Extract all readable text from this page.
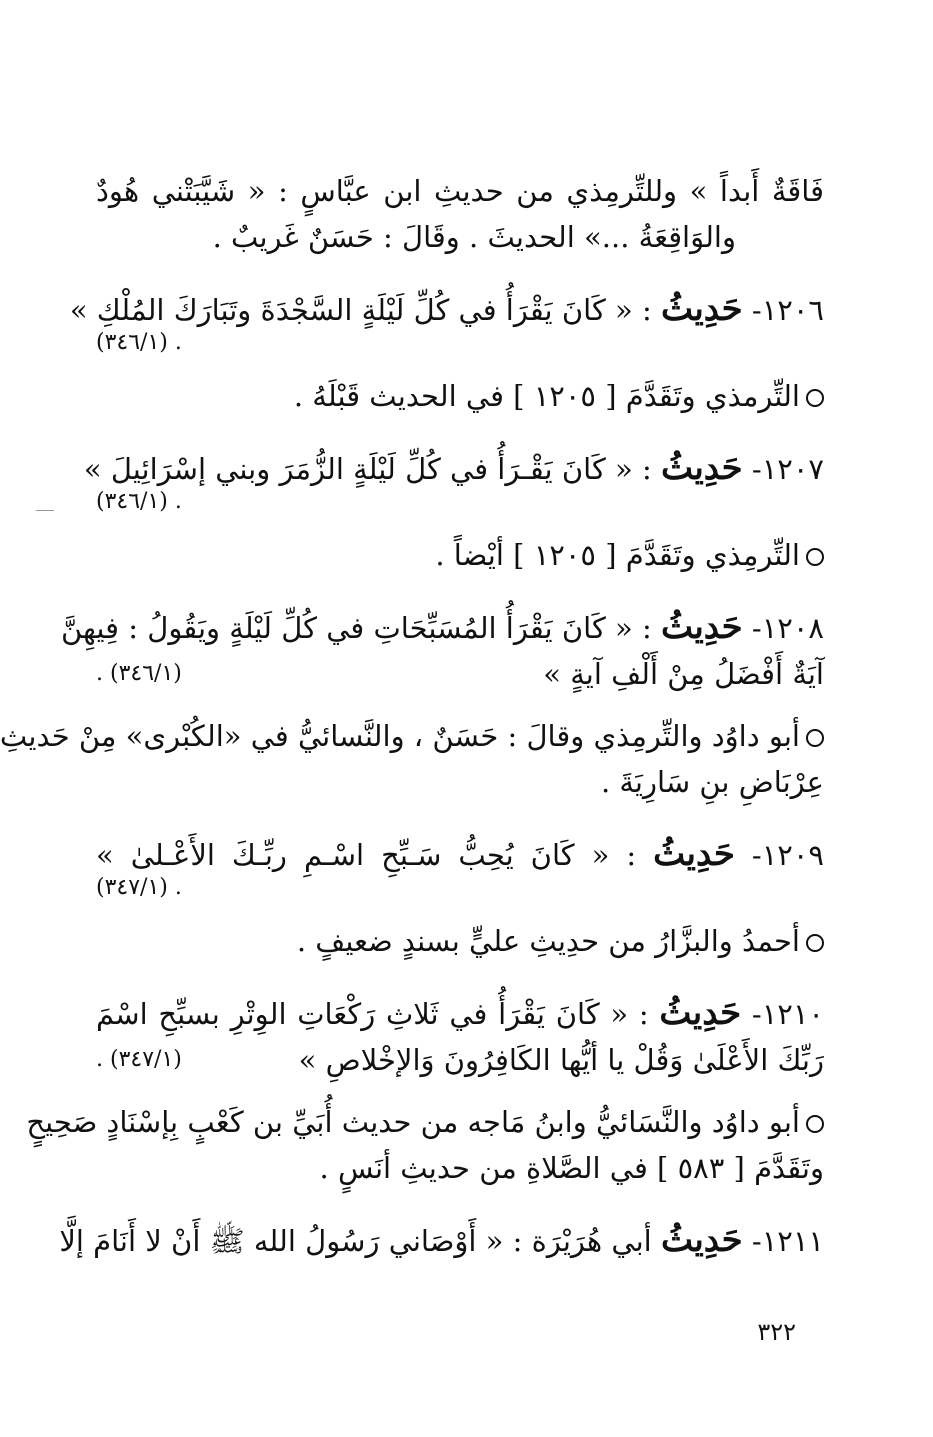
فَاقَةٌ أَبداً » وللتِّرمِذي من حديثِ ابن عبَّاسٍ : « شَيَّبَتْني هُودٌ
والوَاقِعَةُ ...» الحديثَ . وقَالَ : حَسَنٌ غَريبٌ .
١٢٠٦- حَدِيثُ : « كَانَ يَقْرَأُ في كُلِّ لَيْلَةٍ السَّجْدَةَ وتَبَارَكَ المُلْكِ »
. (٣٤٦/١)
التِّرمذي وتَقَدَّمَ [ ١٢٠٥ ] في الحديث قَبْلَهُ .
١٢٠٧- حَدِيثُ : « كَانَ يَقْـرَأُ في كُلِّ لَيْلَةٍ الزُّمَرَ وبني إسْرَائِيلَ »
. (٣٤٦/١)
التِّرمِذي وتَقَدَّمَ [ ١٢٠٥ ] أيْضاً .
١٢٠٨- حَدِيثُ : « كَانَ يَقْرَأُ المُسَبِّحَاتِ في كُلِّ لَيْلَةٍ ويَقُولُ : فِيهِنَّ
آيَةٌ أَفْضَلُ مِنْ أَلْفِ آيةٍ »
(٣٤٦/١) .
أبو داوُد والتِّرمِذي وقالَ : حَسَنٌ ، والنَّسائيُّ في «الكُبْرى» مِنْ حَديثِ
عِرْبَاضِ بنِ سَارِيَةَ .
١٢٠٩- حَدِيثُ : « كَانَ يُحِبُّ سَـبِّحِ اسْـمِ ربِّـكَ الأَعْـلىٰ »
. (٣٤٧/١)
أحمدُ والبزَّارُ من حدِيثِ عليٍّ بسندٍ ضعيفٍ .
١٢١٠- حَدِيثُ : « كَانَ يَقْرَأُ في ثَلاثِ رَكْعَاتِ الوِتْرِ بسبِّحِ اسْمَ
رَبِّكَ الأَعْلَىٰ وَقُلْ يا أيُّها الكَافِرُونَ وَالإخْلاصِ »
(٣٤٧/١) .
أبو داوُد والنَّسَائيُّ وابنُ مَاجه من حديث أُبَيِّ بن كَعْبٍ بِإسْنَادٍ صَحِيحٍ
وتَقَدَّمَ [ ٥٨٣ ] في الصَّلاةِ من حديثِ أنَسٍ .
١٢١١- حَدِيثُ أبي هُرَيْرَة : « أَوْصَاني رَسُولُ الله ﷺ أَنْ لا أَنَامَ إلَّا
٣٢٢
